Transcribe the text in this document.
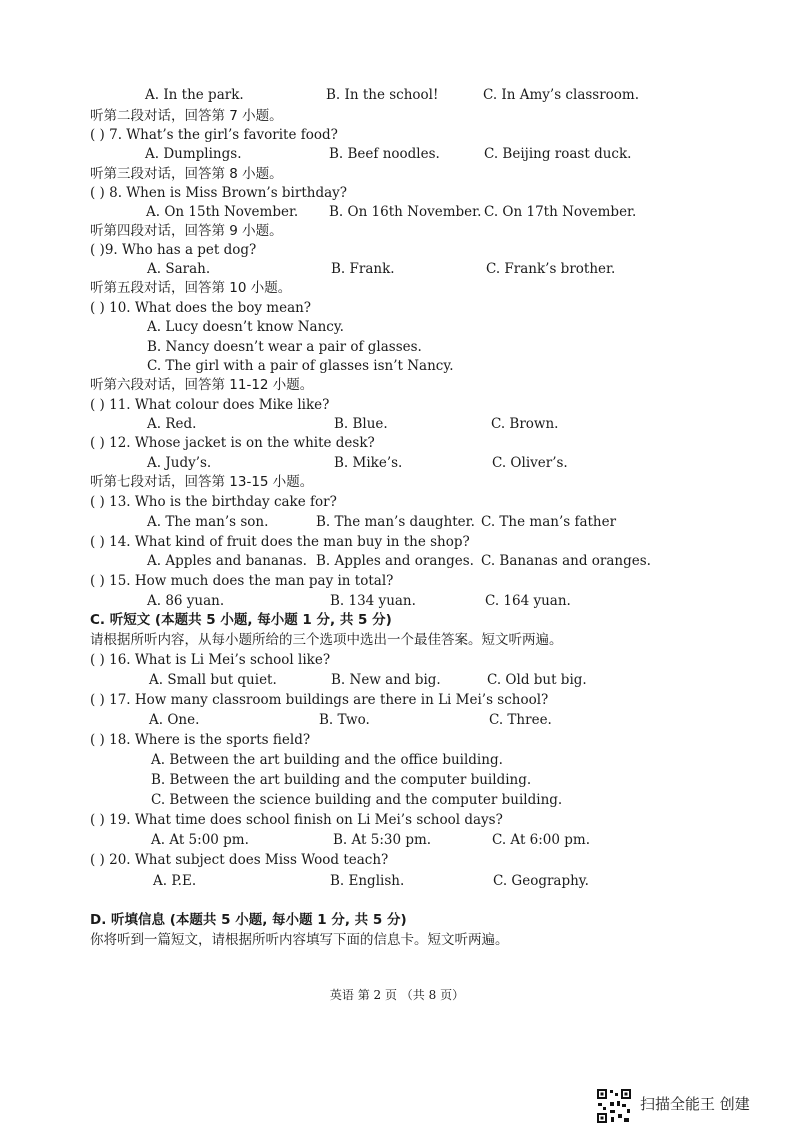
A. In the park.	B. In the school!	C. In Amy’s classroom.
听第二段对话，回答第 7 小题。
( ) 7. What’s the girl’s favorite food?
A. Dumplings.	B. Beef noodles.	C. Beijing roast duck.
听第三段对话，回答第 8 小题。
( ) 8. When is Miss Brown’s birthday?
A. On 15th November. B. On 16th November. C. On 17th November.
听第四段对话，回答第 9 小题。
( )9. Who has a pet dog?
A. Sarah.	B. Frank.	C. Frank’s brother.
听第五段对话，回答第 10 小题。
( ) 10. What does the boy mean?
A. Lucy doesn’t know Nancy.
B. Nancy doesn’t wear a pair of glasses.
C. The girl with a pair of glasses isn’t Nancy.
听第六段对话，回答第 11-12 小题。
( ) 11. What colour does Mike like?
A. Red.	B. Blue.	C. Brown.
( ) 12. Whose jacket is on the white desk?
A. Judy’s.	B. Mike’s.	C. Oliver’s.
听第七段对话，回答第 13-15 小题。
( ) 13. Who is the birthday cake for?
A. The man’s son.	B. The man’s daughter. C. The man’s father
( ) 14. What kind of fruit does the man buy in the shop?
A. Apples and bananas. B. Apples and oranges. C. Bananas and oranges.
( ) 15. How much does the man pay in total?
A. 86 yuan.	B. 134 yuan.	C. 164 yuan.
C. 听短文 (本题共 5 小题, 每小题 1 分, 共 5 分)
请根据所听内容，从每小题所给的三个选项中选出一个最佳答案。短文听两遍。
( ) 16. What is Li Mei’s school like?
A. Small but quiet.	B. New and big.	C. Old but big.
( ) 17. How many classroom buildings are there in Li Mei’s school?
A. One.	B. Two.	C. Three.
( ) 18. Where is the sports field?
A. Between the art building and the office building.
B. Between the art building and the computer building.
C. Between the science building and the computer building.
( ) 19. What time does school finish on Li Mei’s school days?
A. At 5:00 pm.	B. At 5:30 pm.	C. At 6:00 pm.
( ) 20. What subject does Miss Wood teach?
A. P.E.	B. English.	C. Geography.
D. 听填信息 (本题共 5 小题, 每小题 1 分, 共 5 分)
你将听到一篇短文，请根据所听内容填写下面的信息卡。短文听两遍。
英语 第 2 页 （共 8 页）
扫描全能王 创建
